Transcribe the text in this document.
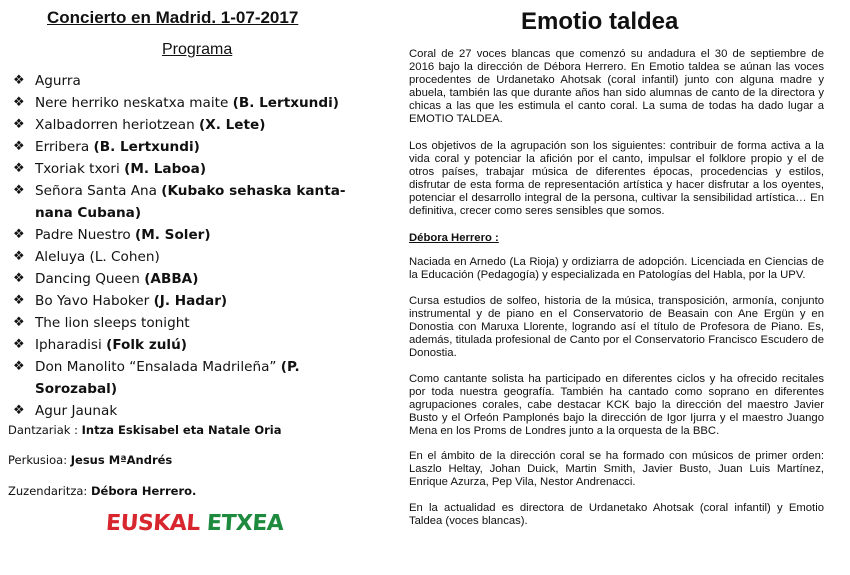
Concierto en Madrid. 1-07-2017
Programa
❖ Agurra
❖ Nere herriko neskatxa maite (B. Lertxundi)
❖ Xalbadorren heriotzean (X. Lete)
❖ Erribera (B. Lertxundi)
❖ Txoriak txori (M. Laboa)
❖ Señora Santa Ana (Kubako sehaska kanta-nana Cubana)
❖ Padre Nuestro (M. Soler)
❖ Aleluya (L. Cohen)
❖ Dancing Queen (ABBA)
❖ Bo Yavo Haboker (J. Hadar)
❖ The lion sleeps tonight
❖ Ipharadisi (Folk zulú)
❖ Don Manolito “Ensalada Madrileña” (P. Sorozabal)
❖ Agur Jaunak
Dantzariak : Intza Eskisabel eta Natale Oria
Perkusioa: Jesus MªAndrés
Zuzendaritza: Débora Herrero.
EUSKAL ETXEA
Emotio taldea

Coral de 27 voces blancas que comenzó su andadura el 30 de septiembre de 2016 bajo la dirección de Débora Herrero. En Emotio taldea se aúnan las voces procedentes de Urdanetako Ahotsak (coral infantil) junto con alguna madre y abuela, también las que durante años han sido alumnas de canto de la directora y chicas a las que les estimula el canto coral. La suma de todas ha dado lugar a EMOTIO TALDEA.

Los objetivos de la agrupación son los siguientes: contribuir de forma activa a la vida coral y potenciar la afición por el canto, impulsar el folklore propio y el de otros países, trabajar música de diferentes épocas, procedencias y estilos, disfrutar de esta forma de representación artística y hacer disfrutar a los oyentes, potenciar el desarrollo integral de la persona, cultivar la sensibilidad artística… En definitiva, crecer como seres sensibles que somos.

Débora Herrero :

Naciada en Arnedo (La Rioja) y ordiziarra de adopción. Licenciada en Ciencias de la Educación (Pedagogía) y especializada en Patologías del Habla, por la UPV.

Cursa estudios de solfeo, historia de la música, transposición, armonía, conjunto instrumental y de piano en el Conservatorio de Beasain con Ane Ergün y en Donostia con Maruxa Llorente, logrando así el título de Profesora de Piano. Es, además, titulada profesional de Canto por el Conservatorio Francisco Escudero de Donostia.

Como cantante solista ha participado en diferentes ciclos y ha ofrecido recitales por toda nuestra geografía. También ha cantado como soprano en diferentes agrupaciones corales, cabe destacar KCK bajo la dirección del maestro Javier Busto y el Orfeón Pamplonés bajo la dirección de Igor Ijurra y el maestro Juango Mena en los Proms de Londres junto a la orquesta de la BBC.

En el ámbito de la dirección coral se ha formado con músicos de primer orden: Laszlo Heltay, Johan Duick, Martin Smith, Javier Busto, Juan Luis Martínez, Enrique Azurza, Pep Vila, Nestor Andrenacci.

En la actualidad es directora de Urdanetako Ahotsak (coral infantil) y Emotio Taldea (voces blancas).
